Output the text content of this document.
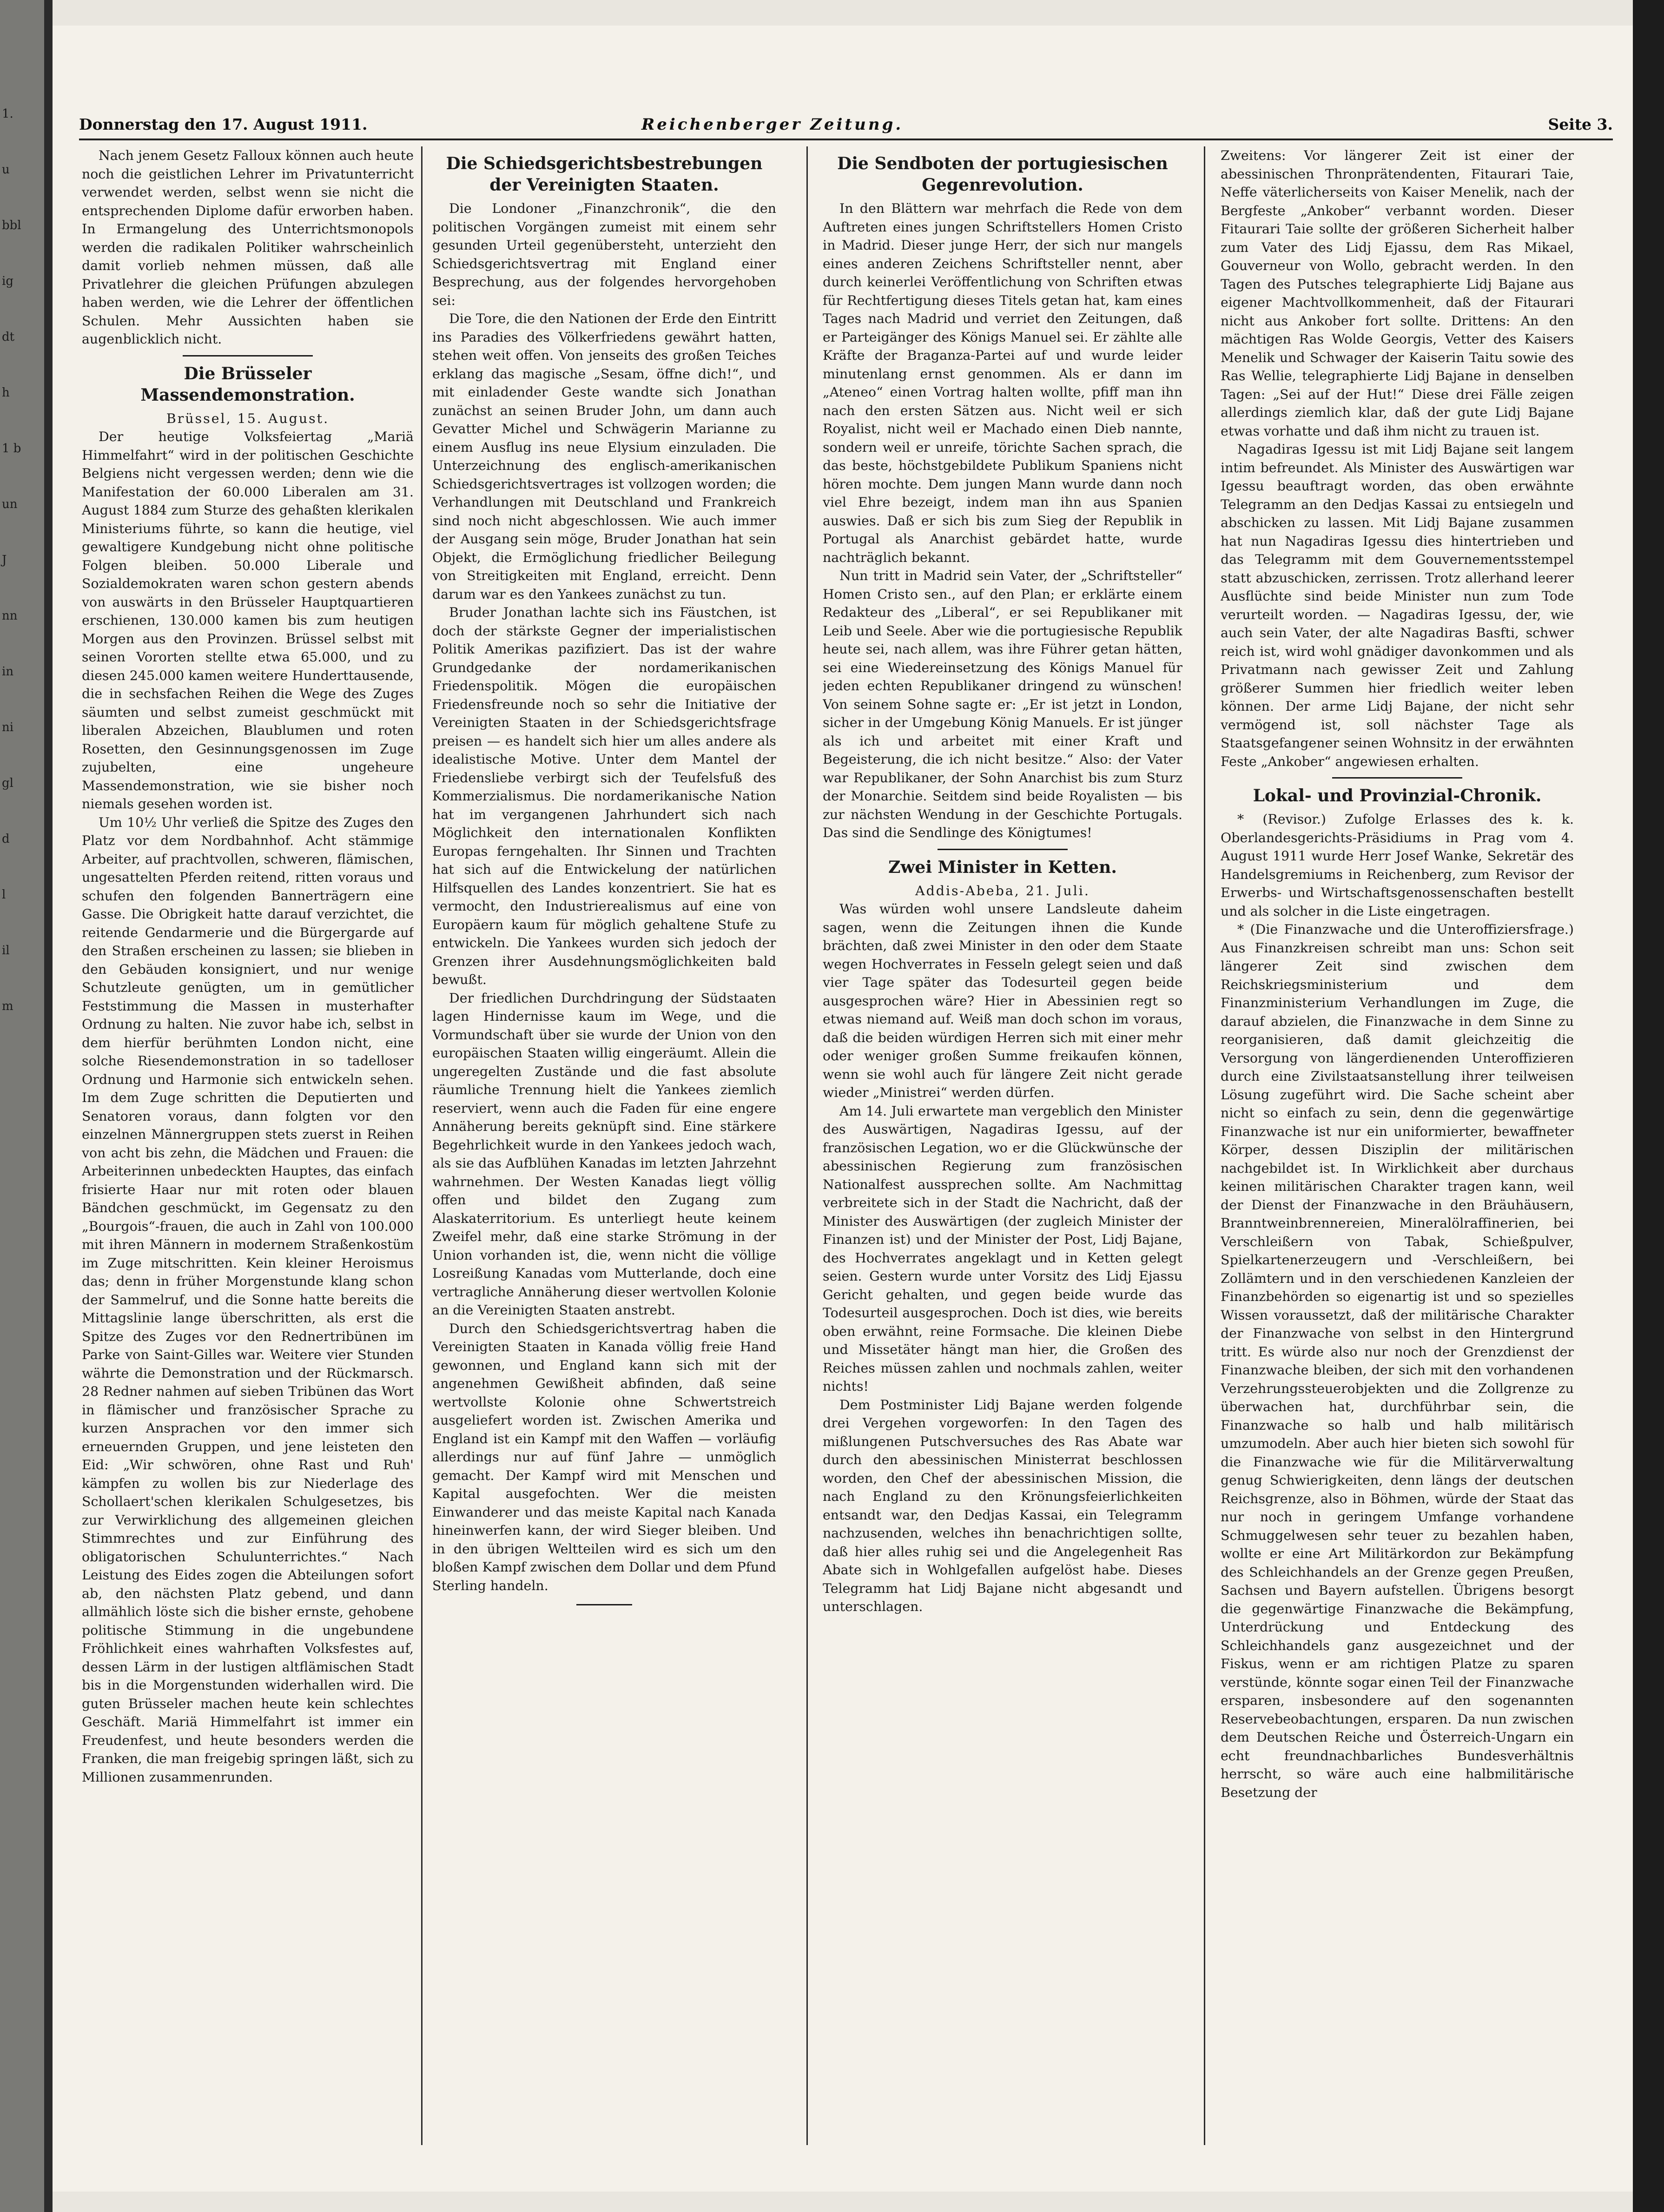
1.
u
bbl
ig
dt
h
1 b
un
J
nn
in
ni
gl
d
l
il
m
Donnerstag den 17. August 1911.	Reichenberger Zeitung.	Seite 3.

Nach jenem Gesetz Falloux können auch heute noch die geistlichen Lehrer im Privatunterricht verwendet werden, selbst wenn sie nicht die entsprechenden Diplome dafür erworben haben. In Ermangelung des Unterrichtsmonopols werden die radikalen Politiker wahrscheinlich damit vorlieb nehmen müssen, daß alle Privatlehrer die gleichen Prüfungen abzulegen haben werden, wie die Lehrer der öffentlichen Schulen. Mehr Aussichten haben sie augenblicklich nicht.

Die Brüsseler Massendemonstration.

Brüssel, 15. August.

Der heutige Volksfeiertag „Mariä Himmelfahrt“ wird in der politischen Geschichte Belgiens nicht vergessen werden; denn wie die Manifestation der 60.000 Liberalen am 31. August 1884 zum Sturze des gehaßten klerikalen Ministeriums führte, so kann die heutige, viel gewaltigere Kundgebung nicht ohne politische Folgen bleiben. 50.000 Liberale und Sozialdemokraten waren schon gestern abends von auswärts in den Brüsseler Hauptquartieren erschienen, 130.000 kamen bis zum heutigen Morgen aus den Provinzen. Brüssel selbst mit seinen Vororten stellte etwa 65.000, und zu diesen 245.000 kamen weitere Hunderttausende, die in sechsfachen Reihen die Wege des Zuges säumten und selbst zumeist geschmückt mit liberalen Abzeichen, Blaublumen und roten Rosetten, den Gesinnungsgenossen im Zuge zujubelten, eine ungeheure Massendemonstration, wie sie bisher noch niemals gesehen worden ist.

Um 10½ Uhr verließ die Spitze des Zuges den Platz vor dem Nordbahnhof. Acht stämmige Arbeiter, auf prachtvollen, schweren, flämischen, ungesattelten Pferden reitend, ritten voraus und schufen den folgenden Bannerträgern eine Gasse. Die Obrigkeit hatte darauf verzichtet, die reitende Gendarmerie und die Bürgergarde auf den Straßen erscheinen zu lassen; sie blieben in den Gebäuden konsigniert, und nur wenige Schutzleute genügten, um in gemütlicher Feststimmung die Massen in musterhafter Ordnung zu halten. Nie zuvor habe ich, selbst in dem hierfür berühmten London nicht, eine solche Riesendemonstration in so tadelloser Ordnung und Harmonie sich entwickeln sehen. Im dem Zuge schritten die Deputierten und Senatoren voraus, dann folgten vor den einzelnen Männergruppen stets zuerst in Reihen von acht bis zehn, die Mädchen und Frauen: die Arbeiterinnen unbedeckten Hauptes, das einfach frisierte Haar nur mit roten oder blauen Bändchen geschmückt, im Gegensatz zu den „Bourgois“-frauen, die auch in Zahl von 100.000 mit ihren Männern in modernem Straßenkostüm im Zuge mitschritten. Kein kleiner Heroismus das; denn in früher Morgenstunde klang schon der Sammelruf, und die Sonne hatte bereits die Mittagslinie lange überschritten, als erst die Spitze des Zuges vor den Rednertribünen im Parke von Saint-Gilles war. Weitere vier Stunden währte die Demonstration und der Rückmarsch. 28 Redner nahmen auf sieben Tribünen das Wort in flämischer und französischer Sprache zu kurzen Ansprachen vor den immer sich erneuernden Gruppen, und jene leisteten den Eid: „Wir schwören, ohne Rast und Ruh' kämpfen zu wollen bis zur Niederlage des Schollaert'schen klerikalen Schulgesetzes, bis zur Verwirklichung des allgemeinen gleichen Stimmrechtes und zur Einführung des obligatorischen Schulunterrichtes.“ Nach Leistung des Eides zogen die Abteilungen sofort ab, den nächsten Platz gebend, und dann allmählich löste sich die bisher ernste, gehobene politische Stimmung in die ungebundene Fröhlichkeit eines wahrhaften Volksfestes auf, dessen Lärm in der lustigen altflämischen Stadt bis in die Morgenstunden widerhallen wird. Die guten Brüsseler machen heute kein schlechtes Geschäft. Mariä Himmelfahrt ist immer ein Freudenfest, und heute besonders werden die Franken, die man freigebig springen läßt, sich zu Millionen zusammenrunden.

Die Schiedsgerichtsbestrebungen der Vereinigten Staaten.

Die Londoner „Finanzchronik“, die den politischen Vorgängen zumeist mit einem sehr gesunden Urteil gegenübersteht, unterzieht den Schiedsgerichtsvertrag mit England einer Besprechung, aus der folgendes hervorgehoben sei:

Die Tore, die den Nationen der Erde den Eintritt ins Paradies des Völkerfriedens gewährt hatten, stehen weit offen. Von jenseits des großen Teiches erklang das magische „Sesam, öffne dich!“, und mit einladender Geste wandte sich Jonathan zunächst an seinen Bruder John, um dann auch Gevatter Michel und Schwägerin Marianne zu einem Ausflug ins neue Elysium einzuladen. Die Unterzeichnung des englisch-amerikanischen Schiedsgerichtsvertrages ist vollzogen worden; die Verhandlungen mit Deutschland und Frankreich sind noch nicht abgeschlossen. Wie auch immer der Ausgang sein möge, Bruder Jonathan hat sein Objekt, die Ermöglichung friedlicher Beilegung von Streitigkeiten mit England, erreicht. Denn darum war es den Yankees zunächst zu tun.

Bruder Jonathan lachte sich ins Fäustchen, ist doch der stärkste Gegner der imperialistischen Politik Amerikas pazifiziert. Das ist der wahre Grundgedanke der nordamerikanischen Friedenspolitik. Mögen die europäischen Friedensfreunde noch so sehr die Initiative der Vereinigten Staaten in der Schiedsgerichtsfrage preisen — es handelt sich hier um alles andere als idealistische Motive. Unter dem Mantel der Friedensliebe verbirgt sich der Teufelsfuß des Kommerzialismus. Die nordamerikanische Nation hat im vergangenen Jahrhundert sich nach Möglichkeit den internationalen Konflikten Europas ferngehalten. Ihr Sinnen und Trachten hat sich auf die Entwickelung der natürlichen Hilfsquellen des Landes konzentriert. Sie hat es vermocht, den Industrierealismus auf eine von Europäern kaum für möglich gehaltene Stufe zu entwickeln. Die Yankees wurden sich jedoch der Grenzen ihrer Ausdehnungsmöglichkeiten bald bewußt.

Der friedlichen Durchdringung der Südstaaten lagen Hindernisse kaum im Wege, und die Vormundschaft über sie wurde der Union von den europäischen Staaten willig eingeräumt. Allein die ungeregelten Zustände und die fast absolute räumliche Trennung hielt die Yankees ziemlich reserviert, wenn auch die Faden für eine engere Annäherung bereits geknüpft sind. Eine stärkere Begehrlichkeit wurde in den Yankees jedoch wach, als sie das Aufblühen Kanadas im letzten Jahrzehnt wahrnehmen. Der Westen Kanadas liegt völlig offen und bildet den Zugang zum Alaskaterritorium. Es unterliegt heute keinem Zweifel mehr, daß eine starke Strömung in der Union vorhanden ist, die, wenn nicht die völlige Losreißung Kanadas vom Mutterlande, doch eine vertragliche Annäherung dieser wertvollen Kolonie an die Vereinigten Staaten anstrebt.

Durch den Schiedsgerichtsvertrag haben die Vereinigten Staaten in Kanada völlig freie Hand gewonnen, und England kann sich mit der angenehmen Gewißheit abfinden, daß seine wertvollste Kolonie ohne Schwertstreich ausgeliefert worden ist. Zwischen Amerika und England ist ein Kampf mit den Waffen — vorläufig allerdings nur auf fünf Jahre — unmöglich gemacht. Der Kampf wird mit Menschen und Kapital ausgefochten. Wer die meisten Einwanderer und das meiste Kapital nach Kanada hineinwerfen kann, der wird Sieger bleiben. Und in den übrigen Weltteilen wird es sich um den bloßen Kampf zwischen dem Dollar und dem Pfund Sterling handeln.

Die Sendboten der portugiesischen Gegenrevolution.

In den Blättern war mehrfach die Rede von dem Auftreten eines jungen Schriftstellers Homen Cristo in Madrid. Dieser junge Herr, der sich nur mangels eines anderen Zeichens Schriftsteller nennt, aber durch keinerlei Veröffentlichung von Schriften etwas für Rechtfertigung dieses Titels getan hat, kam eines Tages nach Madrid und verriet den Zeitungen, daß er Parteigänger des Königs Manuel sei. Er zählte alle Kräfte der Braganza-Partei auf und wurde leider minutenlang ernst genommen. Als er dann im „Ateneo“ einen Vortrag halten wollte, pfiff man ihn nach den ersten Sätzen aus. Nicht weil er sich Royalist, nicht weil er Machado einen Dieb nannte, sondern weil er unreife, törichte Sachen sprach, die das beste, höchstgebildete Publikum Spaniens nicht hören mochte. Dem jungen Mann wurde dann noch viel Ehre bezeigt, indem man ihn aus Spanien auswies. Daß er sich bis zum Sieg der Republik in Portugal als Anarchist gebärdet hatte, wurde nachträglich bekannt.

Nun tritt in Madrid sein Vater, der „Schriftsteller“ Homen Cristo sen., auf den Plan; er erklärte einem Redakteur des „Liberal“, er sei Republikaner mit Leib und Seele. Aber wie die portugiesische Republik heute sei, nach allem, was ihre Führer getan hätten, sei eine Wiedereinsetzung des Königs Manuel für jeden echten Republikaner dringend zu wünschen! Von seinem Sohne sagte er: „Er ist jetzt in London, sicher in der Umgebung König Manuels. Er ist jünger als ich und arbeitet mit einer Kraft und Begeisterung, die ich nicht besitze.“ Also: der Vater war Republikaner, der Sohn Anarchist bis zum Sturz der Monarchie. Seitdem sind beide Royalisten — bis zur nächsten Wendung in der Geschichte Portugals. Das sind die Sendlinge des Königtumes!

Zwei Minister in Ketten.

Addis-Abeba, 21. Juli.

Was würden wohl unsere Landsleute daheim sagen, wenn die Zeitungen ihnen die Kunde brächten, daß zwei Minister in den oder dem Staate wegen Hochverrates in Fesseln gelegt seien und daß vier Tage später das Todesurteil gegen beide ausgesprochen wäre? Hier in Abessinien regt so etwas niemand auf. Weiß man doch schon im voraus, daß die beiden würdigen Herren sich mit einer mehr oder weniger großen Summe freikaufen können, wenn sie wohl auch für längere Zeit nicht gerade wieder „Ministrei“ werden dürfen.

Am 14. Juli erwartete man vergeblich den Minister des Auswärtigen, Nagadiras Igessu, auf der französischen Legation, wo er die Glückwünsche der abessinischen Regierung zum französischen Nationalfest aussprechen sollte. Am Nachmittag verbreitete sich in der Stadt die Nachricht, daß der Minister des Auswärtigen (der zugleich Minister der Finanzen ist) und der Minister der Post, Lidj Bajane, des Hochverrates angeklagt und in Ketten gelegt seien. Gestern wurde unter Vorsitz des Lidj Ejassu Gericht gehalten, und gegen beide wurde das Todesurteil ausgesprochen. Doch ist dies, wie bereits oben erwähnt, reine Formsache. Die kleinen Diebe und Missetäter hängt man hier, die Großen des Reiches müssen zahlen und nochmals zahlen, weiter nichts!

Dem Postminister Lidj Bajane werden folgende drei Vergehen vorgeworfen: In den Tagen des mißlungenen Putschversuches des Ras Abate war durch den abessinischen Ministerrat beschlossen worden, den Chef der abessinischen Mission, die nach England zu den Krönungsfeierlichkeiten entsandt war, den Dedjas Kassai, ein Telegramm nachzusenden, welches ihn benachrichtigen sollte, daß hier alles ruhig sei und die Angelegenheit Ras Abate sich in Wohlgefallen aufgelöst habe. Dieses Telegramm hat Lidj Bajane nicht abgesandt und unterschlagen.

Zweitens: Vor längerer Zeit ist einer der abessinischen Thronprätendenten, Fitaurari Taie, Neffe väterlicherseits von Kaiser Menelik, nach der Bergfeste „Ankober“ verbannt worden. Dieser Fitaurari Taie sollte der größeren Sicherheit halber zum Vater des Lidj Ejassu, dem Ras Mikael, Gouverneur von Wollo, gebracht werden. In den Tagen des Putsches telegraphierte Lidj Bajane aus eigener Machtvollkommenheit, daß der Fitaurari nicht aus Ankober fort sollte. Drittens: An den mächtigen Ras Wolde Georgis, Vetter des Kaisers Menelik und Schwager der Kaiserin Taitu sowie des Ras Wellie, telegraphierte Lidj Bajane in denselben Tagen: „Sei auf der Hut!“ Diese drei Fälle zeigen allerdings ziemlich klar, daß der gute Lidj Bajane etwas vorhatte und daß ihm nicht zu trauen ist.

Nagadiras Igessu ist mit Lidj Bajane seit langem intim befreundet. Als Minister des Auswärtigen war Igessu beauftragt worden, das oben erwähnte Telegramm an den Dedjas Kassai zu entsiegeln und abschicken zu lassen. Mit Lidj Bajane zusammen hat nun Nagadiras Igessu dies hintertrieben und das Telegramm mit dem Gouvernementsstempel statt abzuschicken, zerrissen. Trotz allerhand leerer Ausflüchte sind beide Minister nun zum Tode verurteilt worden. — Nagadiras Igessu, der, wie auch sein Vater, der alte Nagadiras Basfti, schwer reich ist, wird wohl gnädiger davonkommen und als Privatmann nach gewisser Zeit und Zahlung größerer Summen hier friedlich weiter leben können. Der arme Lidj Bajane, der nicht sehr vermögend ist, soll nächster Tage als Staatsgefangener seinen Wohnsitz in der erwähnten Feste „Ankober“ angewiesen erhalten.

Lokal- und Provinzial-Chronik.

* (Revisor.) Zufolge Erlasses des k. k. Oberlandesgerichts-Präsidiums in Prag vom 4. August 1911 wurde Herr Josef Wanke, Sekretär des Handelsgremiums in Reichenberg, zum Revisor der Erwerbs- und Wirtschaftsgenossenschaften bestellt und als solcher in die Liste eingetragen.

* (Die Finanzwache und die Unteroffiziersfrage.) Aus Finanzkreisen schreibt man uns: Schon seit längerer Zeit sind zwischen dem Reichskriegsministerium und dem Finanzministerium Verhandlungen im Zuge, die darauf abzielen, die Finanzwache in dem Sinne zu reorganisieren, daß damit gleichzeitig die Versorgung von längerdienenden Unteroffizieren durch eine Zivilstaatsanstellung ihrer teilweisen Lösung zugeführt wird. Die Sache scheint aber nicht so einfach zu sein, denn die gegenwärtige Finanzwache ist nur ein uniformierter, bewaffneter Körper, dessen Disziplin der militärischen nachgebildet ist. In Wirklichkeit aber durchaus keinen militärischen Charakter tragen kann, weil der Dienst der Finanzwache in den Bräuhäusern, Branntweinbrennereien, Mineralölraffinerien, bei Verschleißern von Tabak, Schießpulver, Spielkartenerzeugern und -Verschleißern, bei Zollämtern und in den verschiedenen Kanzleien der Finanzbehörden so eigenartig ist und so spezielles Wissen voraussetzt, daß der militärische Charakter der Finanzwache von selbst in den Hintergrund tritt. Es würde also nur noch der Grenzdienst der Finanzwache bleiben, der sich mit den vorhandenen Verzehrungssteuerobjekten und die Zollgrenze zu überwachen hat, durchführbar sein, die Finanzwache so halb und halb militärisch umzumodeln. Aber auch hier bieten sich sowohl für die Finanzwache wie für die Militärverwaltung genug Schwierigkeiten, denn längs der deutschen Reichsgrenze, also in Böhmen, würde der Staat das nur noch in geringem Umfange vorhandene Schmuggelwesen sehr teuer zu bezahlen haben, wollte er eine Art Militärkordon zur Bekämpfung des Schleichhandels an der Grenze gegen Preußen, Sachsen und Bayern aufstellen. Übrigens besorgt die gegenwärtige Finanzwache die Bekämpfung, Unterdrückung und Entdeckung des Schleichhandels ganz ausgezeichnet und der Fiskus, wenn er am richtigen Platze zu sparen verstünde, könnte sogar einen Teil der Finanzwache ersparen, insbesondere auf den sogenannten Reservebeobachtungen, ersparen. Da nun zwischen dem Deutschen Reiche und Österreich-Ungarn ein echt freundnachbarliches Bundesverhältnis herrscht, so wäre auch eine halbmilitärische Besetzung der
